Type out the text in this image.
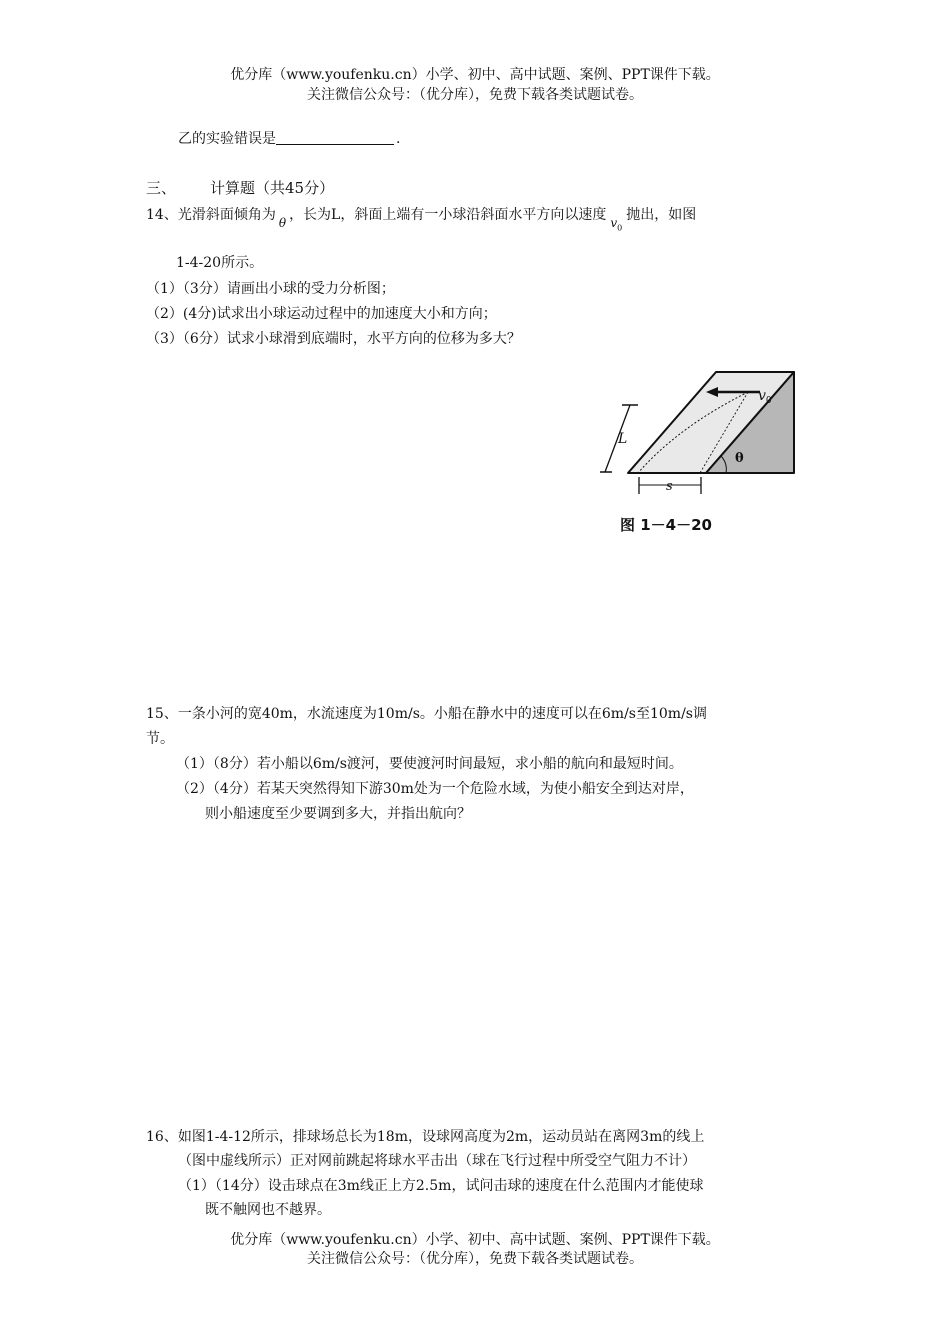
优分库（www.youfenku.cn）小学、初中、高中试题、案例、PPT课件下载。
关注微信公众号：（优分库），免费下载各类试题试卷。
乙的实验错误是	.
三、 计算题（共45分）
14、光滑斜面倾角为 θ ，长为L，斜面上端有一小球沿斜面水平方向以速度 $v_0$抛出，如图
1-4-20所示。
（1）（3分）请画出小球的受力分析图；
（2）(4分)试求出小球运动过程中的加速度大小和方向；
（3）（6分）试求小球滑到底端时，水平方向的位移为多大？
$v_0$
L
s
θ
图 1－4－20
15、一条小河的宽40m，水流速度为10m/s。小船在静水中的速度可以在6m/s至10m/s调
节。
（1）（8分）若小船以6m/s渡河，要使渡河时间最短，求小船的航向和最短时间。
（2）（4分）若某天突然得知下游30m处为一个危险水域，为使小船安全到达对岸，
则小船速度至少要调到多大，并指出航向？
16、如图1-4-12所示，排球场总长为18m，设球网高度为2m，运动员站在离网3m的线上
（图中虚线所示）正对网前跳起将球水平击出（球在飞行过程中所受空气阻力不计）
（1）（14分）设击球点在3m线正上方2.5m，试问击球的速度在什么范围内才能使球
既不触网也不越界。
优分库（www.youfenku.cn）小学、初中、高中试题、案例、PPT课件下载。
关注微信公众号：（优分库），免费下载各类试题试卷。
